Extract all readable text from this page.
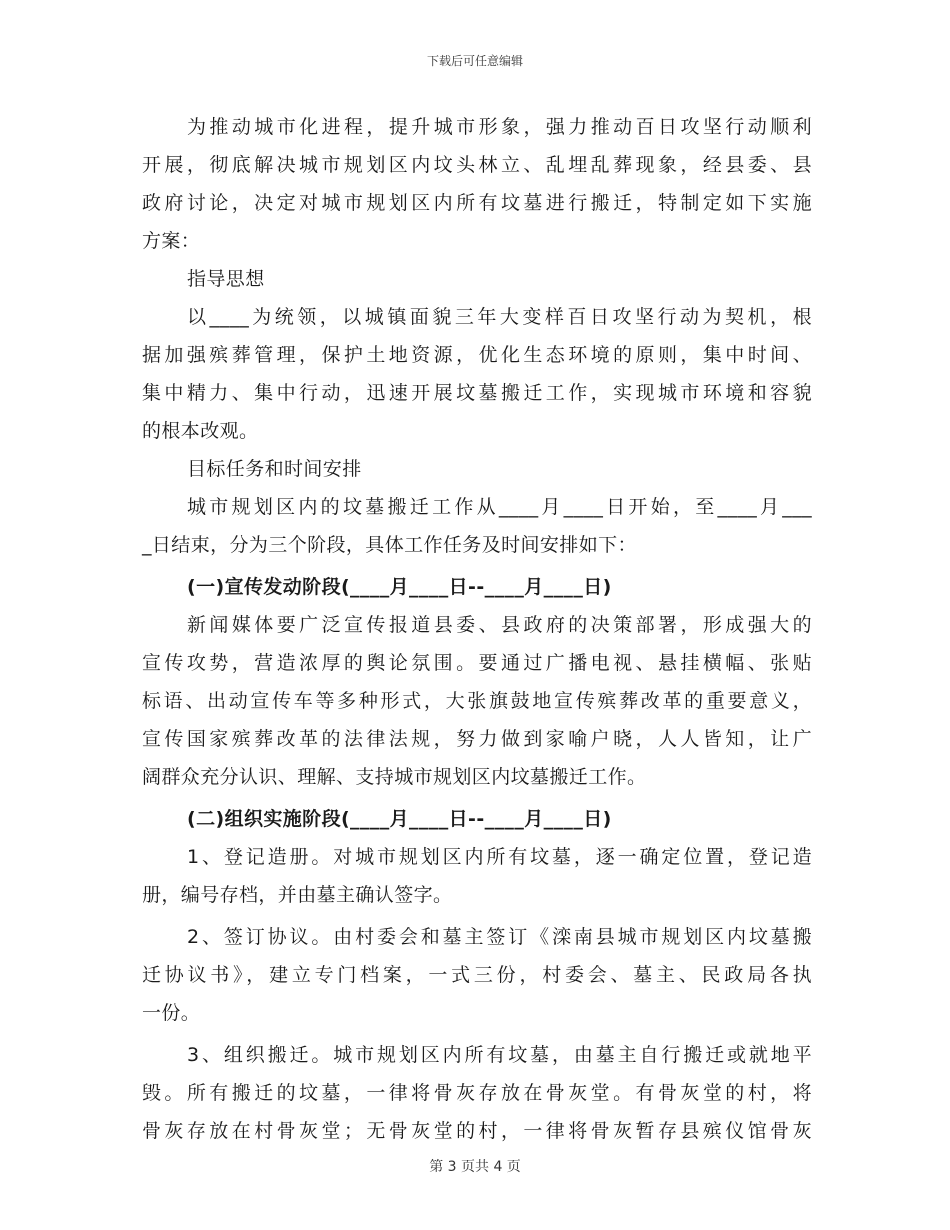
下载后可任意编辑
为推动城市化进程，提升城市形象，强力推动百日攻坚行动顺利
开展，彻底解决城市规划区内坟头林立、乱埋乱葬现象，经县委、县
政府讨论，决定对城市规划区内所有坟墓进行搬迁，特制定如下实施
方案：
指导思想
以____为统领，以城镇面貌三年大变样百日攻坚行动为契机，根
据加强殡葬管理，保护土地资源，优化生态环境的原则，集中时间、
集中精力、集中行动，迅速开展坟墓搬迁工作，实现城市环境和容貌
的根本改观。
目标任务和时间安排
城市规划区内的坟墓搬迁工作从____月____日开始，至____月___
_日结束，分为三个阶段，具体工作任务及时间安排如下：
(一)宣传发动阶段(____月____日--____月____日)
新闻媒体要广泛宣传报道县委、县政府的决策部署，形成强大的
宣传攻势，营造浓厚的舆论氛围。要通过广播电视、悬挂横幅、张贴
标语、出动宣传车等多种形式，大张旗鼓地宣传殡葬改革的重要意义，
宣传国家殡葬改革的法律法规，努力做到家喻户晓，人人皆知，让广
阔群众充分认识、理解、支持城市规划区内坟墓搬迁工作。
(二)组织实施阶段(____月____日--____月____日)
1、登记造册。对城市规划区内所有坟墓，逐一确定位置，登记造
册，编号存档，并由墓主确认签字。
2、签订协议。由村委会和墓主签订《滦南县城市规划区内坟墓搬
迁协议书》，建立专门档案，一式三份，村委会、墓主、民政局各执
一份。
3、组织搬迁。城市规划区内所有坟墓，由墓主自行搬迁或就地平
毁。所有搬迁的坟墓，一律将骨灰存放在骨灰堂。有骨灰堂的村，将
骨灰存放在村骨灰堂；无骨灰堂的村，一律将骨灰暂存县殡仪馆骨灰
第 3 页共 4 页
